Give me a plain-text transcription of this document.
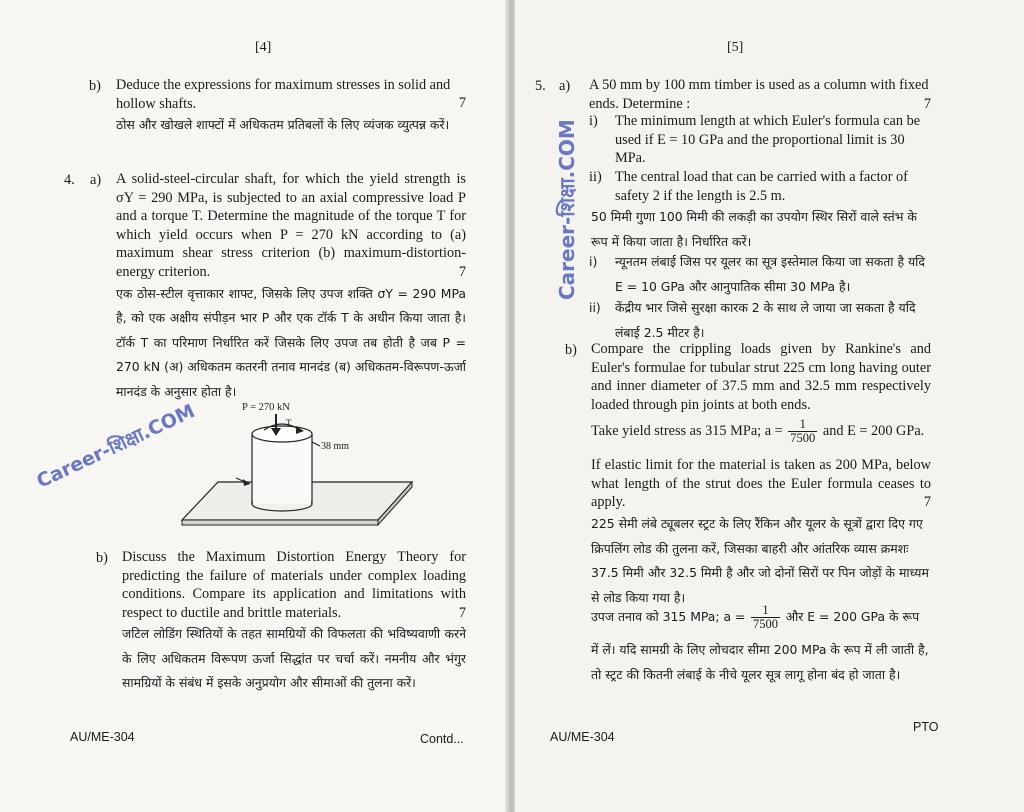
[4]
b)
7
Deduce the expressions for maximum stresses in solid and hollow shafts.
ठोस और खोखले शाफ्टों में अधिकतम प्रतिबलों के लिए व्यंजक व्युत्पन्न करें।
4. a) A solid-steel-circular shaft, for which the yield strength is σY = 290 MPa, is subjected to an axial compressive load P and a torque T. Determine the magnitude of the torque T for which yield occurs when P = 270 kN according to (a) maximum shear stress criterion (b) maximum-distortion-energy criterion.	7
एक ठोस-स्टील वृत्ताकार शाफ्ट, जिसके लिए उपज शक्ति σY = 290 MPa है, को एक अक्षीय संपीड़न भार P और एक टॉर्क T के अधीन किया जाता है। टॉर्क T का परिमाण निर्धारित करें जिसके लिए उपज तब होती है जब P = 270 kN (अ) अधिकतम कतरनी तनाव मानदंड (ब) अधिकतम-विरूपण-ऊर्जा मानदंड के अनुसार होता है।
P = 270 kN
T
38 mm
b) Discuss the Maximum Distortion Energy Theory for predicting the failure of materials under complex loading conditions. Compare its application and limitations with respect to ductile and brittle materials.	7
जटिल लोडिंग स्थितियों के तहत सामग्रियों की विफलता की भविष्यवाणी करने के लिए अधिकतम विरूपण ऊर्जा सिद्धांत पर चर्चा करें। नमनीय और भंगुर सामग्रियों के संबंध में इसके अनुप्रयोग और सीमाओं की तुलना करें।
AU/ME-304	Contd...
Career-शिक्षा.COM
[5]
5. a) A 50 mm by 100 mm timber is used as a column with fixed ends. Determine :	7
i) The minimum length at which Euler's formula can be used if E = 10 GPa and the proportional limit is 30 MPa.
ii) The central load that can be carried with a factor of safety 2 if the length is 2.5 m.
50 मिमी गुणा 100 मिमी की लकड़ी का उपयोग स्थिर सिरों वाले स्तंभ के रूप में किया जाता है। निर्धारित करें।
i) न्यूनतम लंबाई जिस पर यूलर का सूत्र इस्तेमाल किया जा सकता है यदि E = 10 GPa और आनुपातिक सीमा 30 MPa है।
ii) केंद्रीय भार जिसे सुरक्षा कारक 2 के साथ ले जाया जा सकता है यदि लंबाई 2.5 मीटर है।
b) Compare the crippling loads given by Rankine's and Euler's formulae for tubular strut 225 cm long having outer and inner diameter of 37.5 mm and 32.5 mm respectively loaded through pin joints at both ends.
Take yield stress as 315 MPa; $a = \frac{1}{7500}$ and E = 200 GPa.
If elastic limit for the material is taken as 200 MPa, below what length of the strut does the Euler formula ceases to apply.	7
225 सेमी लंबे ट्यूबलर स्ट्रट के लिए रैंकिन और यूलर के सूत्रों द्वारा दिए गए क्रिपलिंग लोड की तुलना करें, जिसका बाहरी और आंतरिक व्यास क्रमशः 37.5 मिमी और 32.5 मिमी है और जो दोनों सिरों पर पिन जोड़ों के माध्यम से लोड किया गया है।
उपज तनाव को 315 MPa; $a = \frac{1}{7500}$ और E = 200 GPa के रूप
में लें। यदि सामग्री के लिए लोचदार सीमा 200 MPa के रूप में ली जाती है, तो स्ट्रट की कितनी लंबाई के नीचे यूलर सूत्र लागू होना बंद हो जाता है।
AU/ME-304
PTO
Career-शिक्षा.COM
